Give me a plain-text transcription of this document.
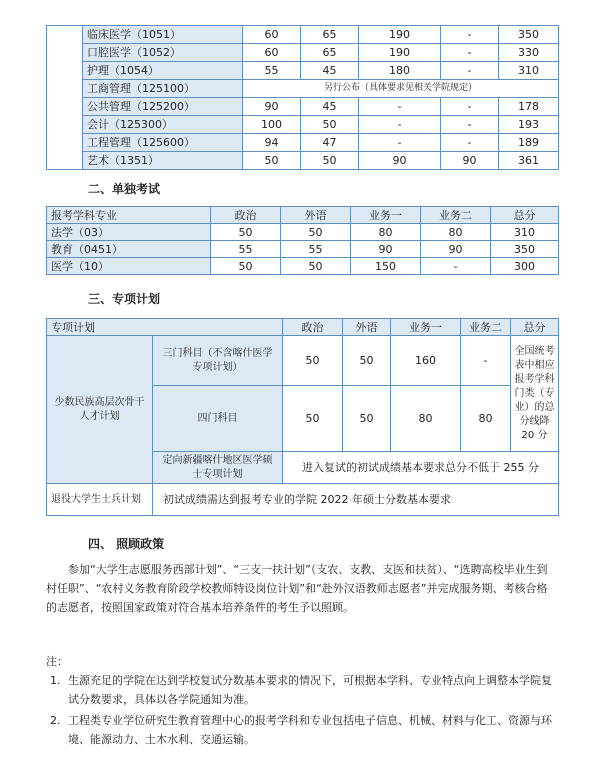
	临床医学（1051）	60	65	190	-	350
	口腔医学（1052）	60	65	190	-	330
	护理（1054）	55	45	180	-	310
	工商管理（125100）	另行公布（具体要求见相关学院规定）				
	公共管理（125200）	90	45	-	-	178
	会计（125300）	100	50	-	-	193
	工程管理（125600）	94	47	-	-	189
	艺术（1351）	50	50	90	90	361
二、单独考试
报考学科专业	政治	外语	业务一	业务二	总分
法学（03）	50	50	80	80	310
教育（0451）	55	55	90	90	350
医学（10）	50	50	150	-	300
三、专项计划
专项计划		政治	外语	业务一	业务二	总分
少数民族高层次骨干人才计划	三门科目（不含喀什医学专项计划）	50	50	160	-	全国统考表中相应报考学科门类（专业）的总分线降 20 分
	四门科目	50	50	80	80	
	定向新疆喀什地区医学硕士专项计划	进入复试的初试成绩基本要求总分不低于 255 分				
退役大学生士兵计划	初试成绩需达到报考专业的学院 2022 年硕士分数基本要求					
四、 照顾政策
参加“大学生志愿服务西部计划”、“三支一扶计划”（支农、支教、支医和扶贫）、“选聘高校毕业生到村任职”、“农村义务教育阶段学校教师特设岗位计划”和“赴外汉语教师志愿者”并完成服务期、考核合格的志愿者，按照国家政策对符合基本培养条件的考生予以照顾。
注：
1. 生源充足的学院在达到学校复试分数基本要求的情况下，可根据本学科、专业特点向上调整本学院复试分数要求，具体以各学院通知为准。
2. 工程类专业学位研究生教育管理中心的报考学科和专业包括电子信息、机械、材料与化工、资源与环境、能源动力、土木水利、交通运输。
